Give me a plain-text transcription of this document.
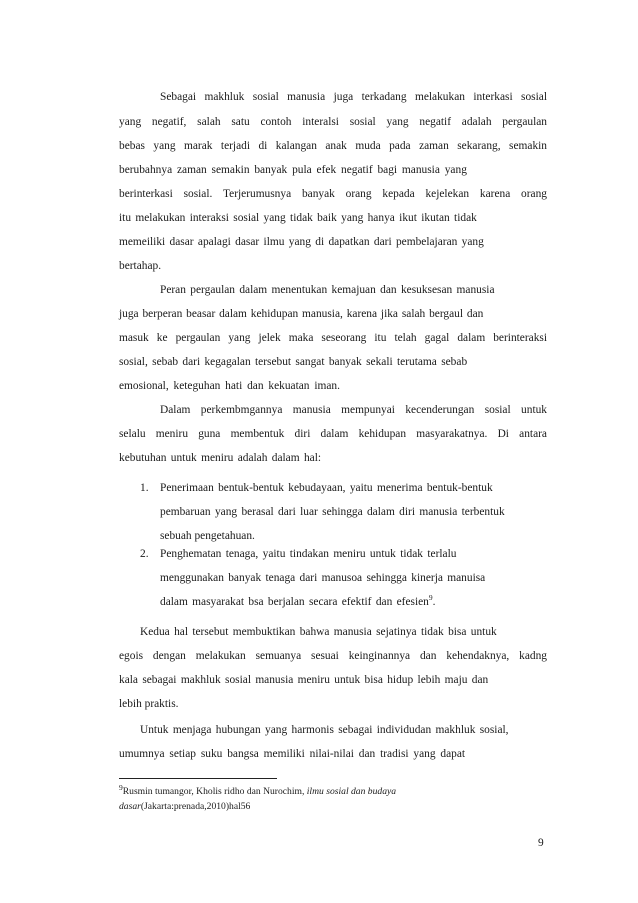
Sebagai makhluk sosial manusia juga terkadang melakukan interkasi sosial
yang negatif, salah satu contoh interalsi sosial yang negatif adalah pergaulan
bebas yang marak terjadi di kalangan anak muda pada zaman sekarang, semakin
berubahnya zaman semakin banyak pula efek negatif bagi manusia yang
berinterkasi sosial. Terjerumusnya banyak orang kepada kejelekan karena orang
itu melakukan interaksi sosial yang tidak baik yang hanya ikut ikutan tidak
memeiliki dasar apalagi dasar ilmu yang di dapatkan dari pembelajaran yang
bertahap.
Peran pergaulan dalam menentukan kemajuan dan kesuksesan manusia
juga berperan beasar dalam kehidupan manusia, karena jika salah bergaul dan
masuk ke pergaulan yang jelek maka seseorang itu telah gagal dalam berinteraksi
sosial, sebab dari kegagalan tersebut sangat banyak sekali terutama sebab
emosional, keteguhan hati dan kekuatan iman.
Dalam perkembmgannya manusia mempunyai kecenderungan sosial untuk
selalu meniru guna membentuk diri dalam kehidupan masyarakatnya. Di antara
kebutuhan untuk meniru adalah dalam hal:
1. Penerimaan bentuk-bentuk kebudayaan, yaitu menerima bentuk-bentuk
pembaruan yang berasal dari luar sehingga dalam diri manusia terbentuk
sebuah pengetahuan.
2. Penghematan tenaga, yaitu tindakan meniru untuk tidak terlalu
menggunakan banyak tenaga dari manusoa sehingga kinerja manuisa
dalam masyarakat bsa berjalan secara efektif dan efesien$^9$.
Kedua hal tersebut membuktikan bahwa manusia sejatinya tidak bisa untuk
egois dengan melakukan semuanya sesuai keinginannya dan kehendaknya, kadng
kala sebagai makhluk sosial manusia meniru untuk bisa hidup lebih maju dan
lebih praktis.
Untuk menjaga hubungan yang harmonis sebagai individudan makhluk sosial,
umumnya setiap suku bangsa memiliki nilai-nilai dan tradisi yang dapat
$^9$Rusmin tumangor, Kholis ridho dan Nurochim, ilmu sosial dan budaya
dasar(Jakarta:prenada,2010)hal56
9
